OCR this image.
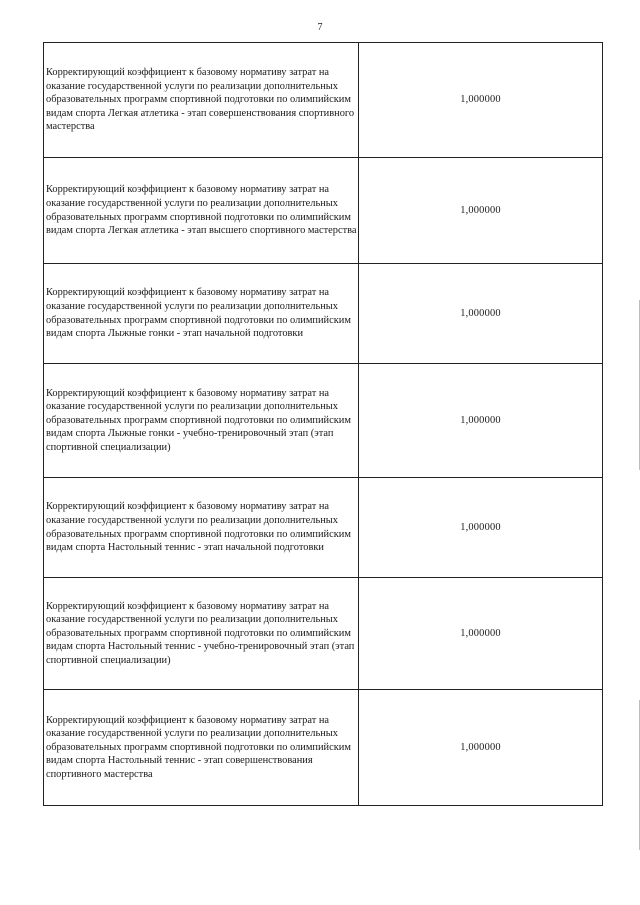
7
Корректирующий коэффициент к базовому нормативу затрат на оказание государственной услуги по реализации дополнительных образовательных программ спортивной подготовки по олимпийским видам спорта Легкая атлетика - этап совершенствования спортивного мастерства	1,000000
Корректирующий коэффициент к базовому нормативу затрат на оказание государственной услуги по реализации дополнительных образовательных программ спортивной подготовки по олимпийским видам спорта Легкая атлетика - этап высшего спортивного мастерства	1,000000
Корректирующий коэффициент к базовому нормативу затрат на оказание государственной услуги по реализации дополнительных образовательных программ спортивной подготовки по олимпийским видам спорта Лыжные гонки - этап начальной подготовки	1,000000
Корректирующий коэффициент к базовому нормативу затрат на оказание государственной услуги по реализации дополнительных образовательных программ спортивной подготовки по олимпийским видам спорта Лыжные гонки - учебно-тренировочный этап (этап спортивной специализации)	1,000000
Корректирующий коэффициент к базовому нормативу затрат на оказание государственной услуги по реализации дополнительных образовательных программ спортивной подготовки по олимпийским видам спорта Настольный теннис - этап начальной подготовки	1,000000
Корректирующий коэффициент к базовому нормативу затрат на оказание государственной услуги по реализации дополнительных образовательных программ спортивной подготовки по олимпийским видам спорта Настольный теннис - учебно-тренировочный этап (этап спортивной специализации)	1,000000
Корректирующий коэффициент к базовому нормативу затрат на оказание государственной услуги по реализации дополнительных образовательных программ спортивной подготовки по олимпийским видам спорта Настольный теннис - этап совершенствования спортивного мастерства	1,000000
